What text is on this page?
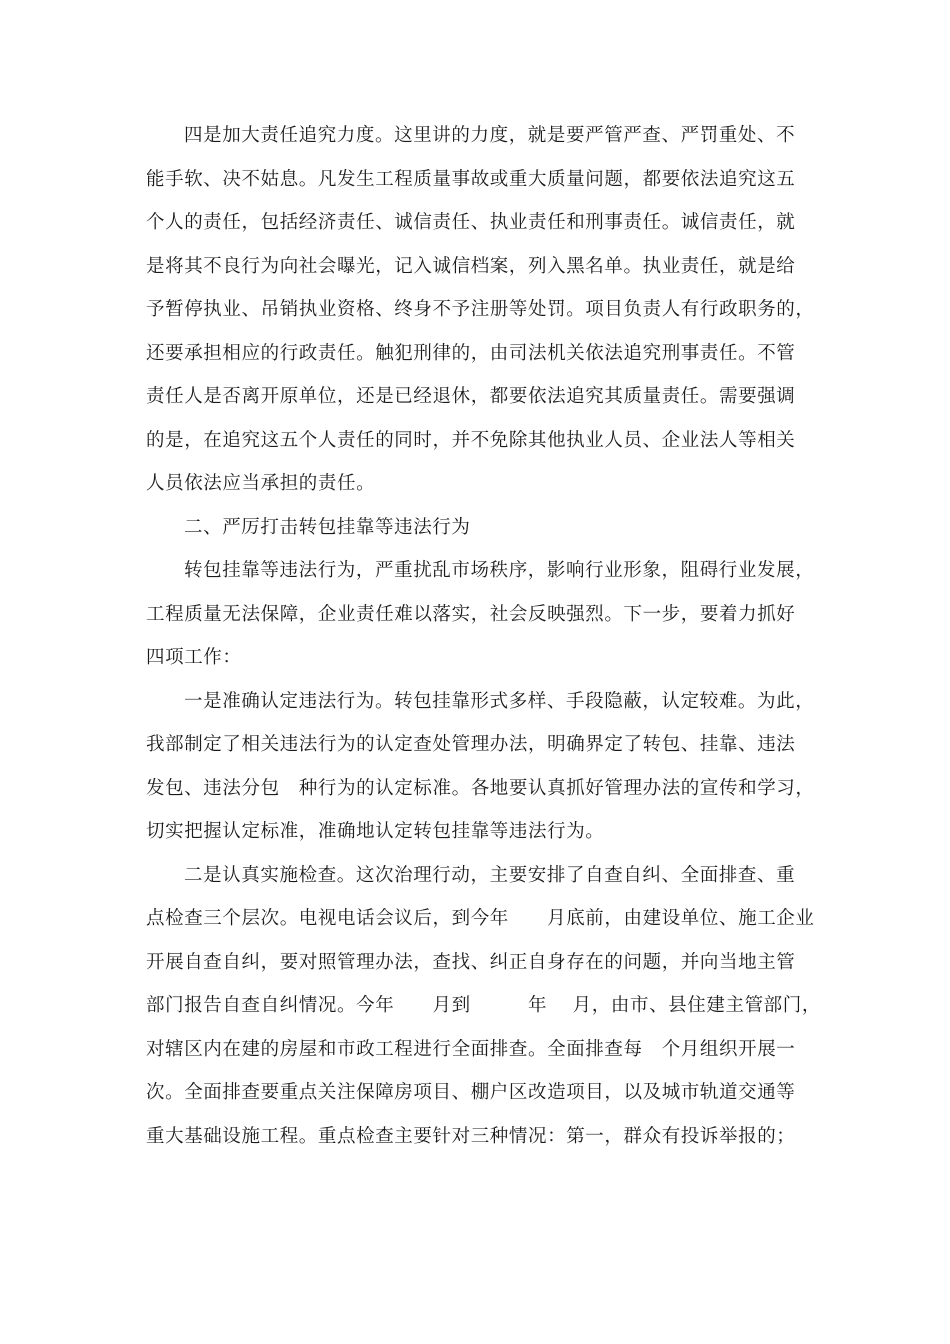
四是加大责任追究力度。这里讲的力度，就是要严管严查、严罚重处、不
能手软、决不姑息。凡发生工程质量事故或重大质量问题，都要依法追究这五
个人的责任，包括经济责任、诚信责任、执业责任和刑事责任。诚信责任，就
是将其不良行为向社会曝光，记入诚信档案，列入黑名单。执业责任，就是给
予暂停执业、吊销执业资格、终身不予注册等处罚。项目负责人有行政职务的，
还要承担相应的行政责任。触犯刑律的，由司法机关依法追究刑事责任。不管
责任人是否离开原单位，还是已经退休，都要依法追究其质量责任。需要强调
的是，在追究这五个人责任的同时，并不免除其他执业人员、企业法人等相关
人员依法应当承担的责任。
二、严厉打击转包挂靠等违法行为
转包挂靠等违法行为，严重扰乱市场秩序，影响行业形象，阻碍行业发展，
工程质量无法保障，企业责任难以落实，社会反映强烈。下一步，要着力抓好
四项工作：
一是准确认定违法行为。转包挂靠形式多样、手段隐蔽，认定较难。为此，
我部制定了相关违法行为的认定查处管理办法，明确界定了转包、挂靠、违法
发包、违法分包　种行为的认定标准。各地要认真抓好管理办法的宣传和学习，
切实把握认定标准，准确地认定转包挂靠等违法行为。
二是认真实施检查。这次治理行动，主要安排了自查自纠、全面排查、重
点检查三个层次。电视电话会议后，到今年　　月底前，由建设单位、施工企业
开展自查自纠，要对照管理办法，查找、纠正自身存在的问题，并向当地主管
部门报告自查自纠情况。今年　　月到　　　年　 月，由市、县住建主管部门，
对辖区内在建的房屋和市政工程进行全面排查。全面排查每　个月组织开展一
次。全面排查要重点关注保障房项目、棚户区改造项目，以及城市轨道交通等
重大基础设施工程。重点检查主要针对三种情况：第一，群众有投诉举报的；
